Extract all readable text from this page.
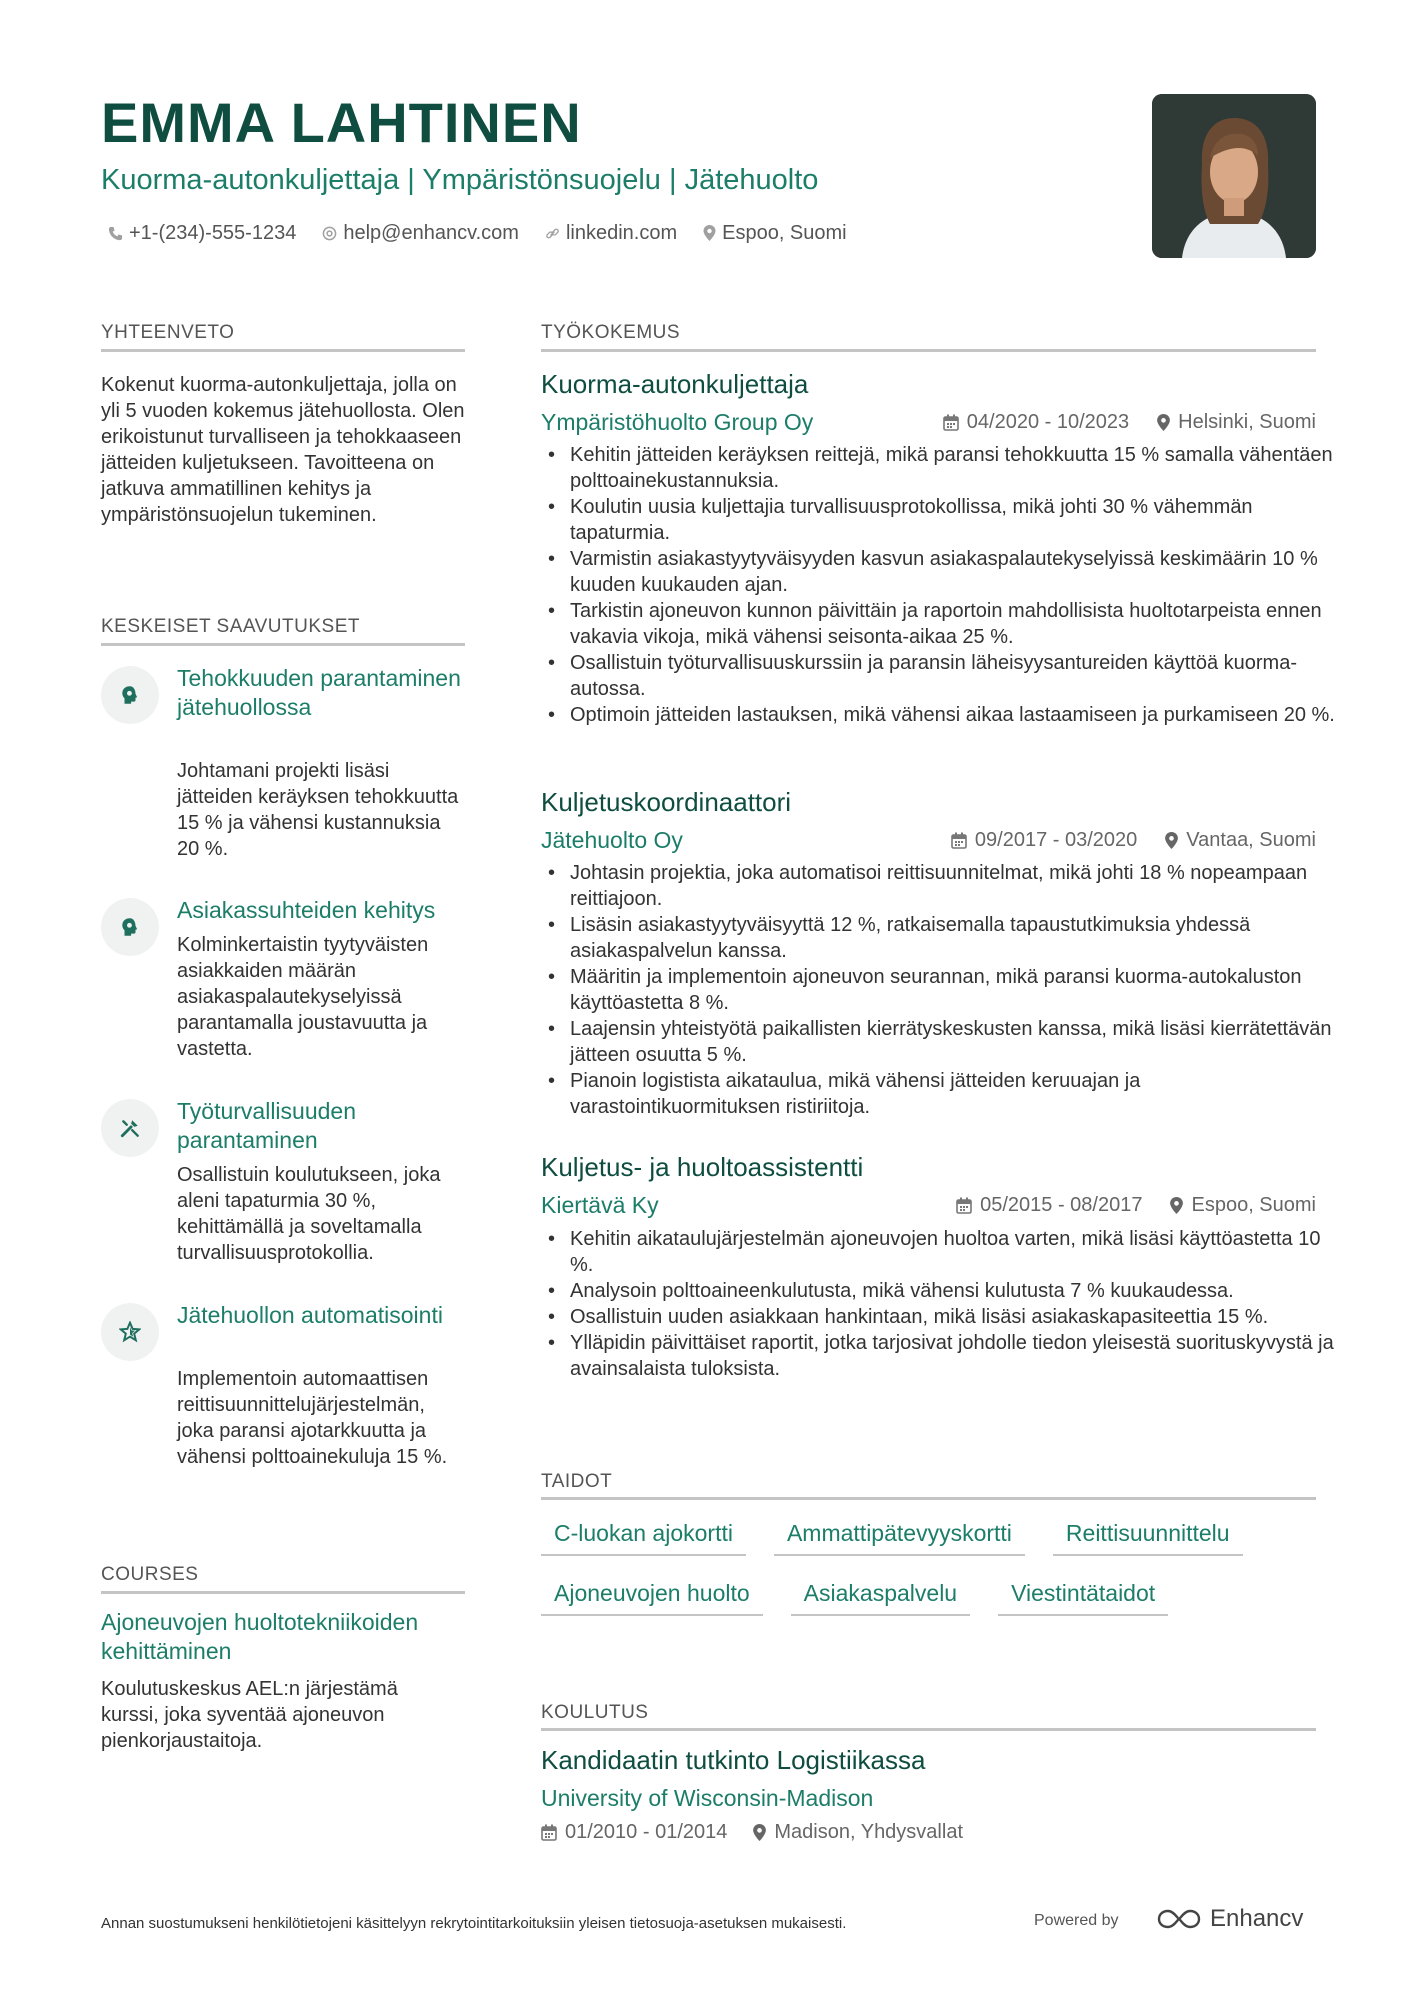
EMMA LAHTINEN
Kuorma-autonkuljettaja | Ympäristönsuojelu | Jätehuolto
+1-(234)-555-1234 help@enhancv.com linkedin.com Espoo, Suomi
YHTEENVETO
Kokenut kuorma-autonkuljettaja, jolla on yli 5 vuoden kokemus jätehuollosta. Olen erikoistunut turvalliseen ja tehokkaaseen jätteiden kuljetukseen. Tavoitteena on jatkuva ammatillinen kehitys ja ympäristönsuojelun tukeminen.
KESKEISET SAAVUTUKSET
Tehokkuuden parantaminen jätehuollossa
Johtamani projekti lisäsi jätteiden keräyksen tehokkuutta 15 % ja vähensi kustannuksia 20 %.
Asiakassuhteiden kehitys
Kolminkertaistin tyytyväisten asiakkaiden määrän asiakaspalautekyselyissä parantamalla joustavuutta ja vastetta.
Työturvallisuuden parantaminen
Osallistuin koulutukseen, joka aleni tapaturmia 30 %, kehittämällä ja soveltamalla turvallisuusprotokollia.
Jätehuollon automatisointi
Implementoin automaattisen reittisuunnittelujärjestelmän, joka paransi ajotarkkuutta ja vähensi polttoainekuluja 15 %.
COURSES
Ajoneuvojen huoltotekniikoiden kehittäminen
Koulutuskeskus AEL:n järjestämä kurssi, joka syventää ajoneuvon pienkorjaustaitoja.
TYÖKOKEMUS
Kuorma-autonkuljettaja
Ympäristöhuolto Group Oy	04/2020 - 10/2023 Helsinki, Suomi
• Kehitin jätteiden keräyksen reittejä, mikä paransi tehokkuutta 15 % samalla vähentäen polttoainekustannuksia.
• Koulutin uusia kuljettajia turvallisuusprotokollissa, mikä johti 30 % vähemmän tapaturmia.
• Varmistin asiakastyytyväisyyden kasvun asiakaspalautekyselyissä keskimäärin 10 % kuuden kuukauden ajan.
• Tarkistin ajoneuvon kunnon päivittäin ja raportoin mahdollisista huoltotarpeista ennen vakavia vikoja, mikä vähensi seisonta-aikaa 25 %.
• Osallistuin työturvallisuuskurssiin ja paransin läheisyysantureiden käyttöä kuorma-autossa.
• Optimoin jätteiden lastauksen, mikä vähensi aikaa lastaamiseen ja purkamiseen 20 %.
Kuljetuskoordinaattori
Jätehuolto Oy	09/2017 - 03/2020 Vantaa, Suomi
• Johtasin projektia, joka automatisoi reittisuunnitelmat, mikä johti 18 % nopeampaan reittiajoon.
• Lisäsin asiakastyytyväisyyttä 12 %, ratkaisemalla tapaustutkimuksia yhdessä asiakaspalvelun kanssa.
• Määritin ja implementoin ajoneuvon seurannan, mikä paransi kuorma-autokaluston käyttöastetta 8 %.
• Laajensin yhteistyötä paikallisten kierrätyskeskusten kanssa, mikä lisäsi kierrätettävän jätteen osuutta 5 %.
• Pianoin logistista aikataulua, mikä vähensi jätteiden keruuajan ja varastointikuormituksen ristiriitoja.
Kuljetus- ja huoltoassistentti
Kiertävä Ky	05/2015 - 08/2017 Espoo, Suomi
• Kehitin aikataulujärjestelmän ajoneuvojen huoltoa varten, mikä lisäsi käyttöastetta 10 %.
• Analysoin polttoaineenkulutusta, mikä vähensi kulutusta 7 % kuukaudessa.
• Osallistuin uuden asiakkaan hankintaan, mikä lisäsi asiakaskapasiteettia 15 %.
• Ylläpidin päivittäiset raportit, jotka tarjosivat johdolle tiedon yleisestä suorituskyvystä ja avainsalaista tuloksista.
TAIDOT
C-luokan ajokortti	Ammattipätevyyskortti	Reittisuunnittelu
Ajoneuvojen huolto	Asiakaspalvelu	Viestintätaidot
KOULUTUS
Kandidaatin tutkinto Logistiikassa
University of Wisconsin-Madison
01/2010 - 01/2014 Madison, Yhdysvallat
Annan suostumukseni henkilötietojeni käsittelyyn rekrytointitarkoituksiin yleisen tietosuoja-asetuksen mukaisesti.	Powered by	Enhancv
